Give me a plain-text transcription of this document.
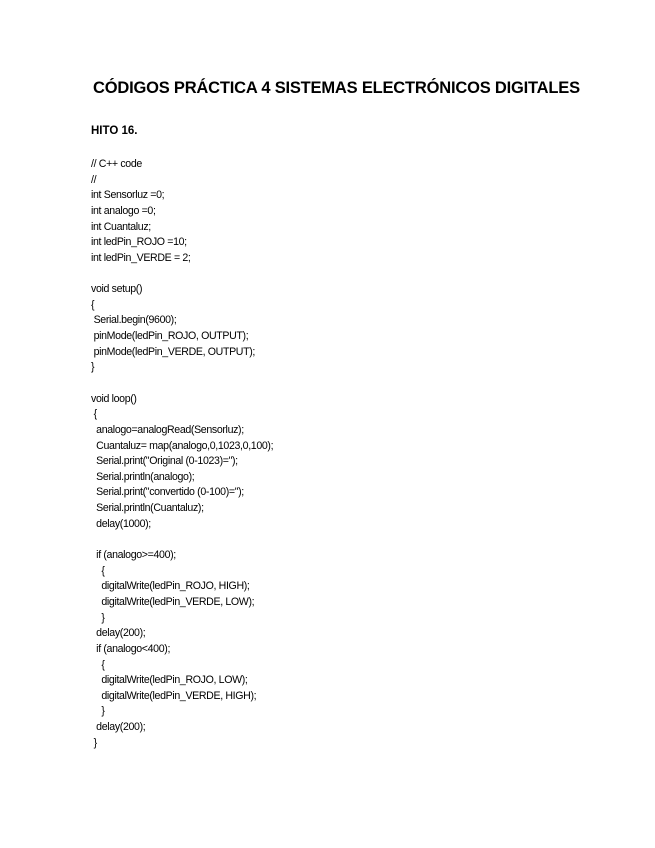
CÓDIGOS PRÁCTICA 4 SISTEMAS ELECTRÓNICOS DIGITALES
HITO 16.
// C++ code
//
int Sensorluz =0;
int analogo =0;
int Cuantaluz;
int ledPin_ROJO =10;
int ledPin_VERDE = 2;
void setup()
{
Serial.begin(9600);
pinMode(ledPin_ROJO, OUTPUT);
pinMode(ledPin_VERDE, OUTPUT);
}
void loop()
{
analogo=analogRead(Sensorluz);
Cuantaluz= map(analogo,0,1023,0,100);
Serial.print("Original (0-1023)=");
Serial.println(analogo);
Serial.print("convertido (0-100)=");
Serial.println(Cuantaluz);
delay(1000);
if (analogo>=400);
{
digitalWrite(ledPin_ROJO, HIGH);
digitalWrite(ledPin_VERDE, LOW);
}
delay(200);
if (analogo<400);
{
digitalWrite(ledPin_ROJO, LOW);
digitalWrite(ledPin_VERDE, HIGH);
}
delay(200);
}
